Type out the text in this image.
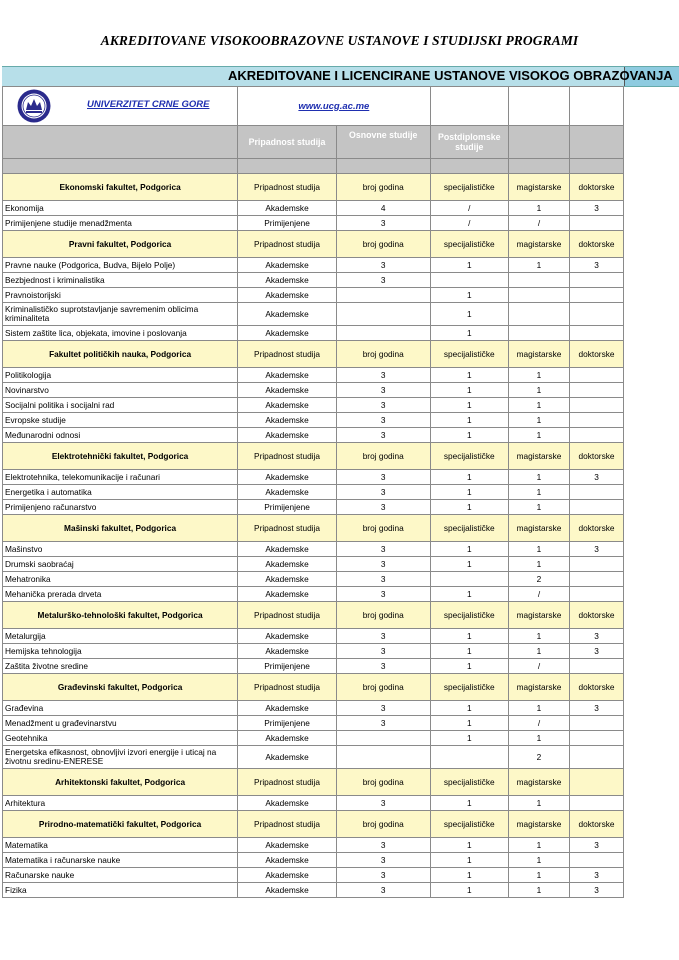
AKREDITOVANE VISOKOOBRAZOVNE USTANOVE I STUDIJSKI PROGRAMI
AKREDITOVANE I LICENCIRANE USTANOVE VISOKOG OBRAZOVANJA
UNIVERZITET CRNE GORE	www.ucg.ac.me				
	Pripadnost studija	Osnovne studije	Postdiplomske studije		

Ekonomski fakultet, Podgorica	Pripadnost studija	broj godina	specijalističke	magistarske	doktorske
Ekonomija	Akademske	4	/	1	3
Primijenjene studije menadžmenta	Primijenjene	3	/	/	
Pravni fakultet, Podgorica	Pripadnost studija	broj godina	specijalističke	magistarske	doktorske
Pravne nauke (Podgorica, Budva, Bijelo Polje)	Akademske	3	1	1	3
Bezbjednost i kriminalistika	Akademske	3			
Pravnoistorijski	Akademske		1		
Kriminalističko suprotstavljanje savremenim oblicima kriminaliteta	Akademske		1		
Sistem zaštite lica, objekata, imovine i poslovanja	Akademske		1		
Fakultet političkih nauka, Podgorica	Pripadnost studija	broj godina	specijalističke	magistarske	doktorske
Politikologija	Akademske	3	1	1	
Novinarstvo	Akademske	3	1	1	
Socijalni politika i socijalni rad	Akademske	3	1	1	
Evropske studije	Akademske	3	1	1	
Međunarodni odnosi	Akademske	3	1	1	
Elektrotehnički fakultet, Podgorica	Pripadnost studija	broj godina	specijalističke	magistarske	doktorske
Elektrotehnika, telekomunikacije i računari	Akademske	3	1	1	3
Energetika i automatika	Akademske	3	1	1	
Primijenjeno računarstvo	Primijenjene	3	1	1	
Mašinski fakultet, Podgorica	Pripadnost studija	broj godina	specijalističke	magistarske	doktorske
Mašinstvo	Akademske	3	1	1	3
Drumski saobraćaj	Akademske	3	1	1	
Mehatronika	Akademske	3		2	
Mehanička prerada drveta	Akademske	3	1	/	
Metalurško-tehnološki fakultet, Podgorica	Pripadnost studija	broj godina	specijalističke	magistarske	doktorske
Metalurgija	Akademske	3	1	1	3
Hemijska tehnologija	Akademske	3	1	1	3
Zaštita životne sredine	Primijenjene	3	1	/	
Građevinski fakultet, Podgorica	Pripadnost studija	broj godina	specijalističke	magistarske	doktorske
Građevina	Akademske	3	1	1	3
Menadžment u građevinarstvu	Primijenjene	3	1	/	
Geotehnika	Akademske		1	1	
Energetska efikasnost, obnovljivi izvori energije i uticaj na životnu sredinu-ENERESE	Akademske			2	
Arhitektonski fakultet, Podgorica	Pripadnost studija	broj godina	specijalističke	magistarske	
Arhitektura	Akademske	3	1	1	
Prirodno-matematički fakultet, Podgorica	Pripadnost studija	broj godina	specijalističke	magistarske	doktorske
Matematika	Akademske	3	1	1	3
Matematika i računarske nauke	Akademske	3	1	1	
Računarske nauke	Akademske	3	1	1	3
Fizika	Akademske	3	1	1	3
